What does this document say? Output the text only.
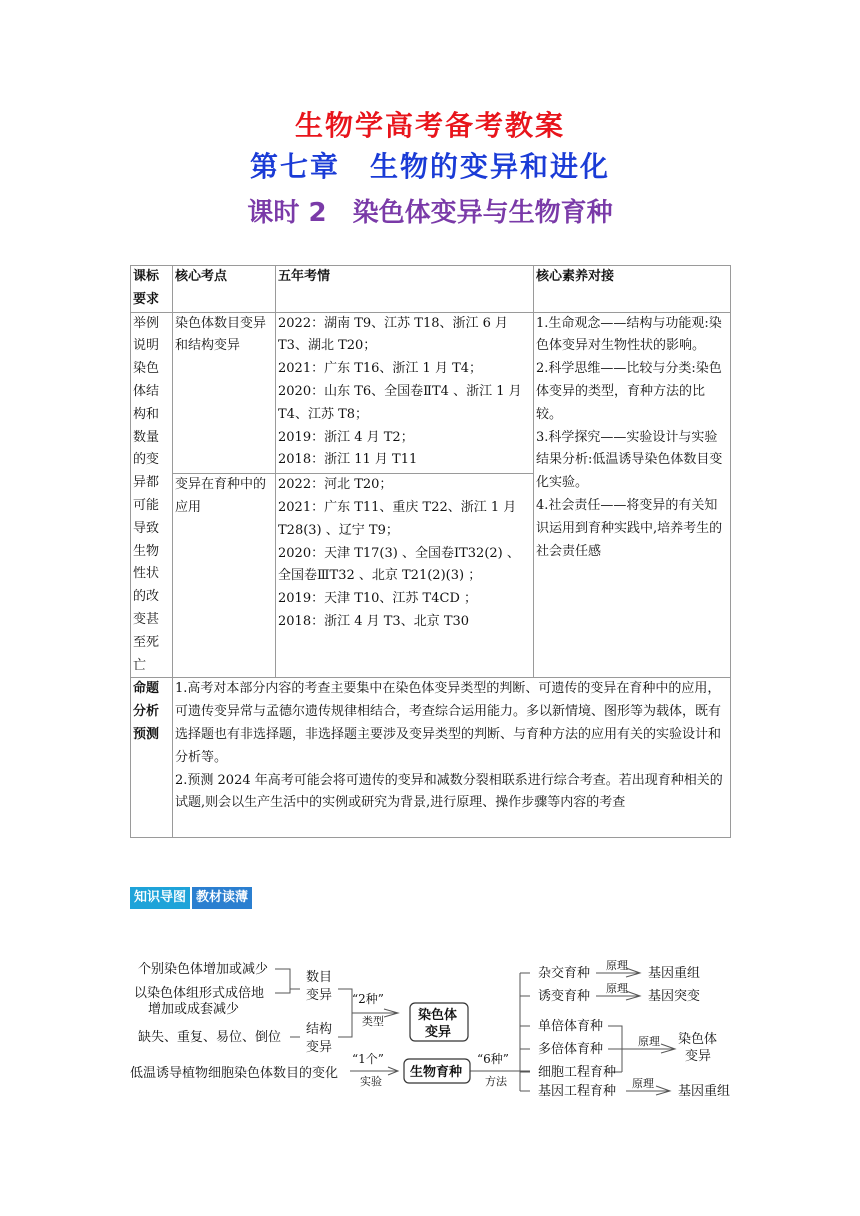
生物学高考备考教案
第七章　生物的变异和进化
课时 2　染色体变异与生物育种
课标要求	核心考点	五年考情	核心素养对接
举例说明染色体结构和数量的变异都可能导致生物性状的改变甚至死亡	染色体数目变异和结构变异	2022：湖南 T9、江苏 T18、浙江 6 月 T3、湖北 T20；
2021：广东 T16、浙江 1 月 T4；
2020：山东 T6、全国卷ⅡT4 、浙江 1 月 T4、江苏 T8；
2019：浙江 4 月 T2；
2018：浙江 11 月 T11	1.生命观念——结构与功能观:染色体变异对生物性状的影响。
2.科学思维——比较与分类:染色体变异的类型，育种方法的比较。
3.科学探究——实验设计与实验结果分析:低温诱导染色体数目变化实验。
4.社会责任——将变异的有关知识运用到育种实践中,培养考生的社会责任感

	变异在育种中的应用	2022：河北 T20；
2021：广东 T11、重庆 T22、浙江 1 月 T28(3) 、辽宁 T9；
2020：天津 T17(3) 、全国卷ⅠT32(2) 、全国卷ⅢT32 、北京 T21(2)(3) ；
2019：天津 T10、江苏 T4CD ；
2018：浙江 4 月 T3、北京 T30	

命题分析预测	1.高考对本部分内容的考查主要集中在染色体变异类型的判断、可遗传的变异在育种中的应用，可遗传变异常与孟德尔遗传规律相结合，考查综合运用能力。多以新情境、图形等为载体，既有选择题也有非选择题，非选择题主要涉及变异类型的判断、与育种方法的应用有关的实验设计和分析等。
2.预测 2024 年高考可能会将可遗传的变异和减数分裂相联系进行综合考查。若出现育种相关的试题,则会以生产生活中的实例或研究为背景,进行原理、操作步骤等内容的考查		
知识导图 教材读薄
个别染色体增加或减少
以染色体组形式成倍地
增加或成套减少
缺失、重复、易位、倒位
低温诱导植物细胞染色体数目的变化
数目
变异
结构
变异
“2种”
类型
“1个”
实验
染色体
变异
生物育种
“6种”
方法
杂交育种
诱变育种
单倍体育种
多倍体育种
细胞工程育种
基因工程育种
原理
原理
原理
原理
基因重组
基因突变
染色体
变异
基因重组
